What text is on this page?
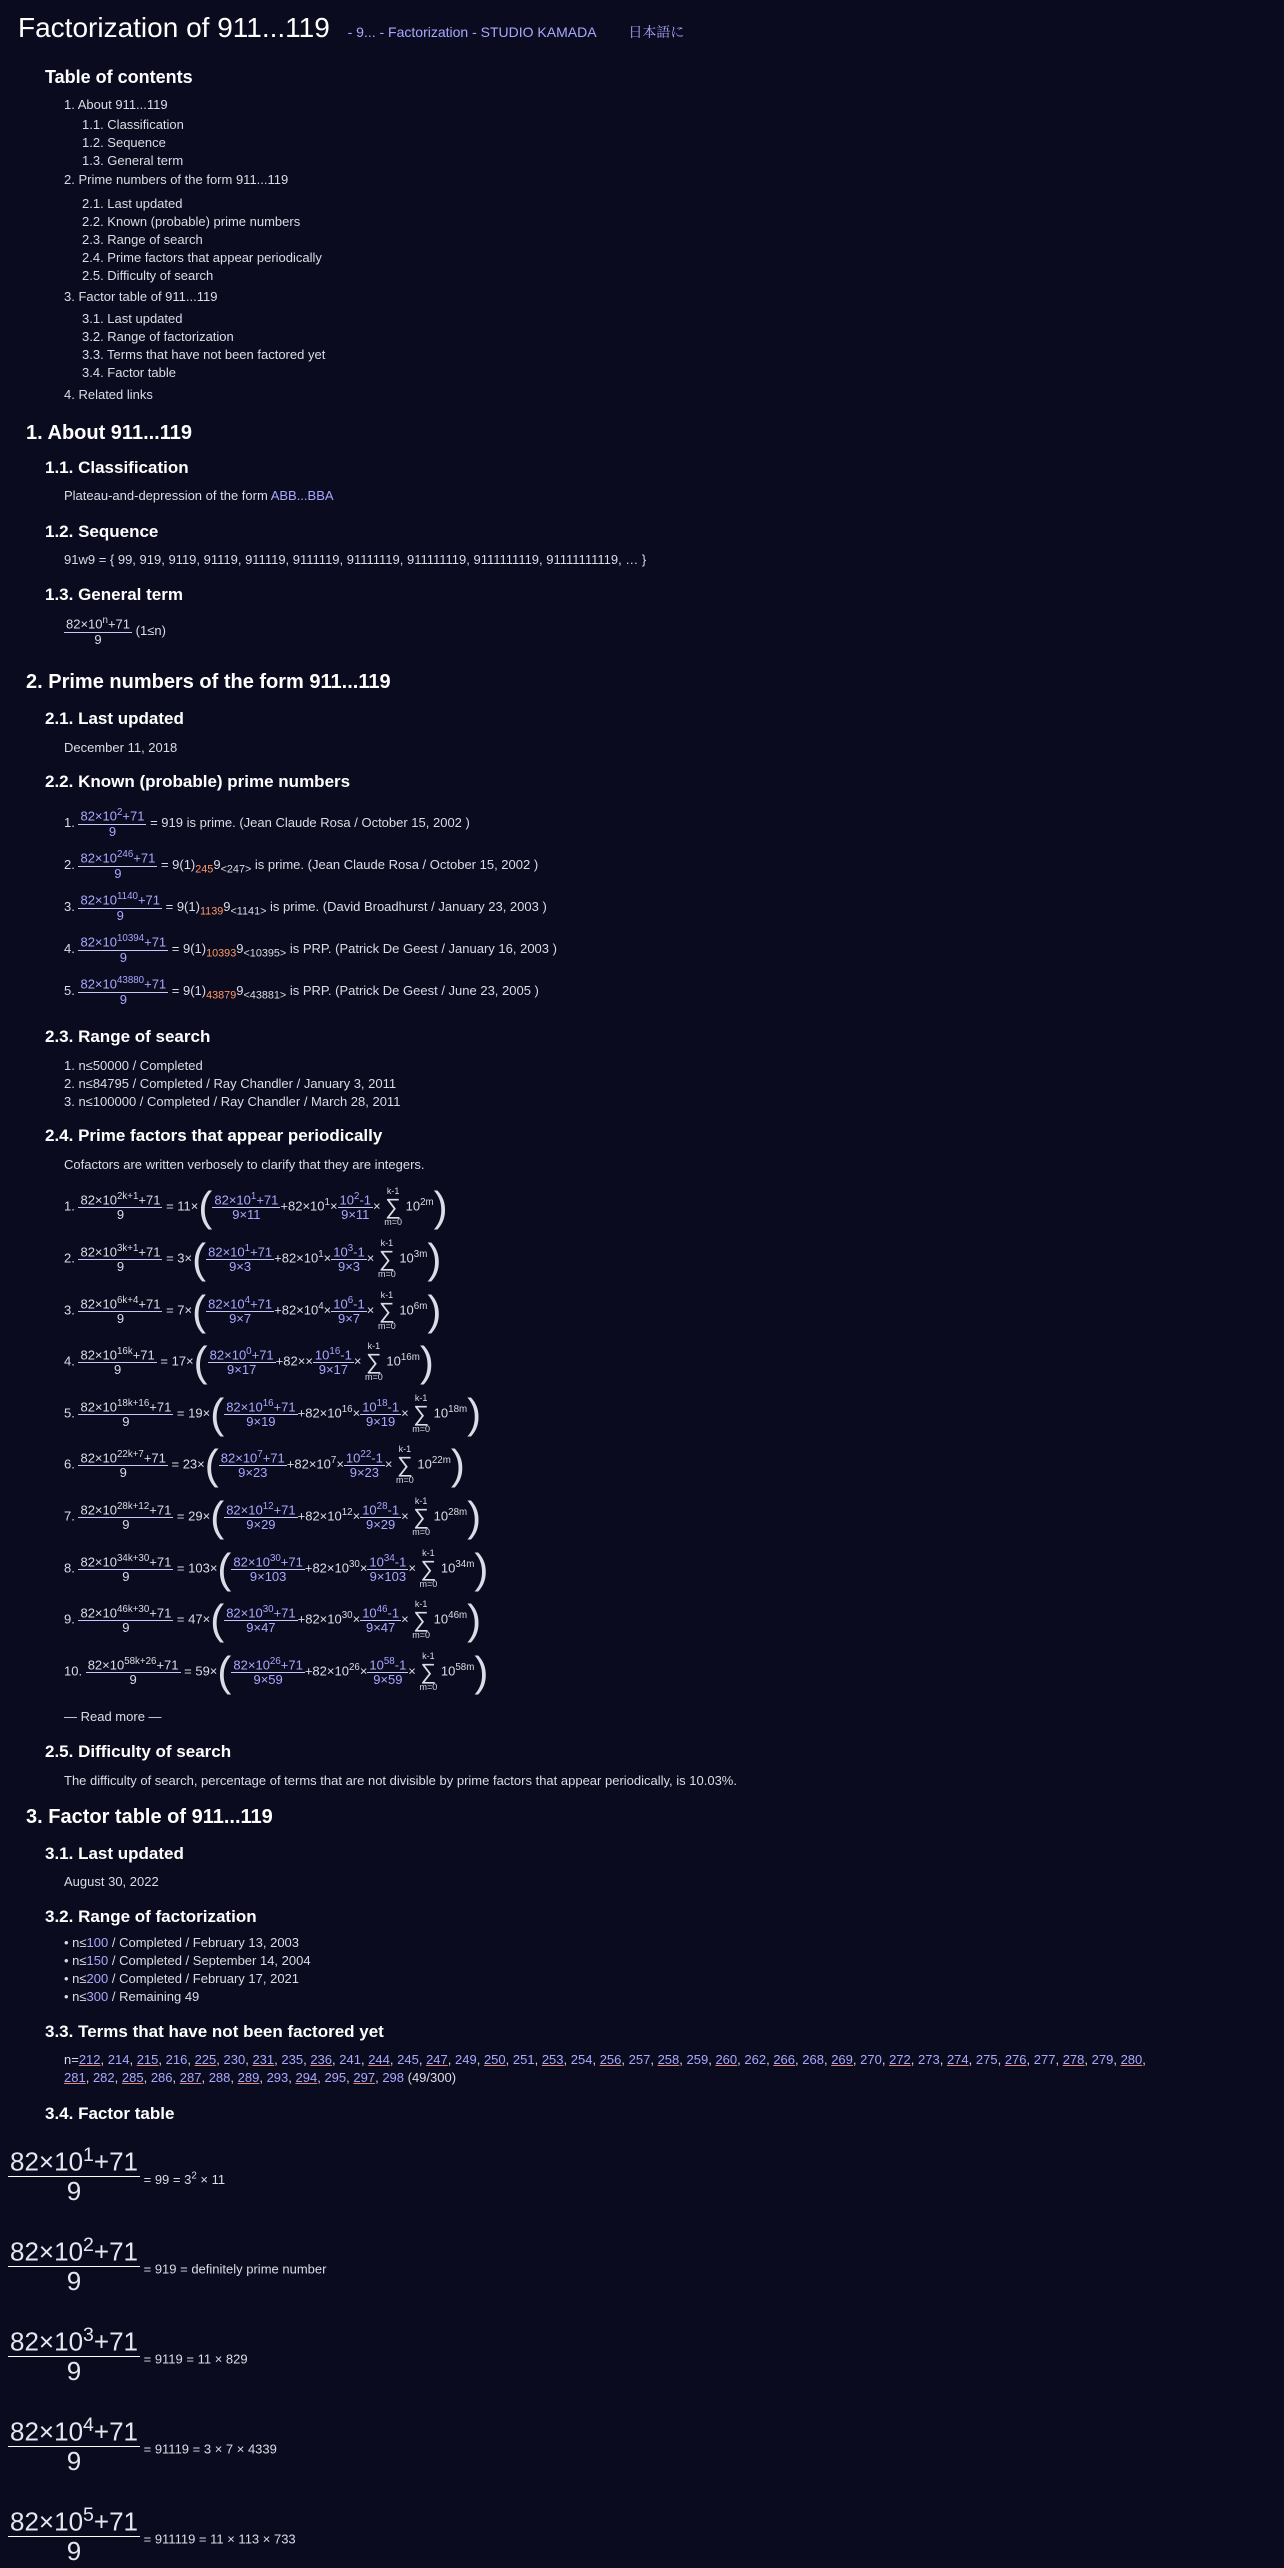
Factorization of 911...119 - 9... - Factorization - STUDIO KAMADA 日本語に
Table of contents
1. About 911...119
1.1. Classification
1.2. Sequence
1.3. General term
2. Prime numbers of the form 911...119
2.1. Last updated
2.2. Known (probable) prime numbers
2.3. Range of search
2.4. Prime factors that appear periodically
2.5. Difficulty of search
3. Factor table of 911...119
3.1. Last updated
3.2. Range of factorization
3.3. Terms that have not been factored yet
3.4. Factor table
4. Related links
1. About 911...119
1.1. Classification
Plateau-and-depression of the form ABB...BBA
1.2. Sequence
91w9 = { 99, 919, 9119, 91119, 911119, 9111119, 91111119, 911111119, 9111111119, 91111111119, … }
1.3. General term
$\frac{82\times 10^n+71}{9} (1\le n)$
2. Prime numbers of the form 911...119
2.1. Last updated
December 11, 2018
2.2. Known (probable) prime numbers
1. $\frac{82\times 10^2+71}{9} = 919$ is prime. (Jean Claude Rosa / October 15, 2002 )
2. $\frac{82\times 10^{246}+71}{9} = 9(1)_{245}9_{<247>}$ is prime. (Jean Claude Rosa / October 15, 2002 )
3. $\frac{82\times 10^{1140}+71}{9} = 9(1)_{1139}9_{<1141>}$ is prime. (David Broadhurst / January 23, 2003 )
4. $\frac{82\times 10^{10394}+71}{9} = 9(1)_{10393}9_{<10395>}$ is PRP. (Patrick De Geest / January 16, 2003 )
5. $\frac{82\times 10^{43880}+71}{9} = 9(1)_{43879}9_{<43881>}$ is PRP. (Patrick De Geest / June 23, 2005 )
2.3. Range of search
1. n≤50000 / Completed
2. n≤84795 / Completed / Ray Chandler / January 3, 2011
3. n≤100000 / Completed / Ray Chandler / March 28, 2011
2.4. Prime factors that appear periodically
Cofactors are written verbosely to clarify that they are integers.
1. $\frac{82\times 10^{2k+1}+71}{9} = 11\times( \frac{82\times 10^1+71}{9\times 11} +82\times 10^1\times \frac{10^2-1}{9\times 11} \times k-1$
∑
m=0 $10^{2m}$)
2. $\frac{82\times 10^{3k+1}+71}{9} = 3\times( \frac{82\times 10^1+71}{9\times 3} +82\times 10^1\times \frac{10^3-1}{9\times 3} \times k-1$
∑
m=0 $10^{3m}$)
3. $\frac{82\times 10^{6k+4}+71}{9} = 7\times( \frac{82\times 10^4+71}{9\times 7} +82\times 10^4\times \frac{10^6-1}{9\times 7} \times k-1$
∑
m=0 $10^{6m}$)
4. $\frac{82\times 10^{16k}+71}{9} = 17\times( \frac{82\times 10^0+71}{9\times 17} +82\times\times \frac{10^{16}-1}{9\times 17} \times k-1$
∑
m=0 $10^{16m}$)
5. $\frac{82\times 10^{18k+16}+71}{9} = 19\times( \frac{82\times 10^{16}+71}{9\times 19} +82\times 10^{16}\times \frac{10^{18}-1}{9\times 19} \times k-1$
∑
m=0 $10^{18m}$)
6. $\frac{82\times 10^{22k+7}+71}{9} = 23\times( \frac{82\times 10^7+71}{9\times 23} +82\times 10^7\times \frac{10^{22}-1}{9\times 23} \times k-1$
∑
m=0 $10^{22m}$)
7. $\frac{82\times 10^{28k+12}+71}{9} = 29\times( \frac{82\times 10^{12}+71}{9\times 29} +82\times 10^{12}\times \frac{10^{28}-1}{9\times 29} \times k-1$
∑
m=0 $10^{28m}$)
8. $\frac{82\times 10^{34k+30}+71}{9} = 103\times( \frac{82\times 10^{30}+71}{9\times 103} +82\times 10^{30}\times \frac{10^{34}-1}{9\times 103} \times k-1$
∑
m=0 $10^{34m}$)
9. $\frac{82\times 10^{46k+30}+71}{9} = 47\times( \frac{82\times 10^{30}+71}{9\times 47} +82\times 10^{30}\times \frac{10^{46}-1}{9\times 47} \times k-1$
∑
m=0 $10^{46m}$)
10. $\frac{82\times 10^{58k+26}+71}{9} = 59\times( \frac{82\times 10^{26}+71}{9\times 59} +82\times 10^{26}\times \frac{10^{58}-1}{9\times 59} \times k-1$
∑
m=0 $10^{58m}$)
— Read more —
2.5. Difficulty of search
The difficulty of search, percentage of terms that are not divisible by prime factors that appear periodically, is 10.03%.
3. Factor table of 911...119
3.1. Last updated
August 30, 2022
3.2. Range of factorization
• n≤100 / Completed / February 13, 2003
• n≤150 / Completed / September 14, 2004
• n≤200 / Completed / February 17, 2021
• n≤300 / Remaining 49
3.3. Terms that have not been factored yet
n=212, 214, 215, 216, 225, 230, 231, 235, 236, 241, 244, 245, 247, 249, 250, 251, 253, 254, 256, 257, 258, 259, 260, 262, 266, 268, 269, 270, 272, 273, 274, 275, 276, 277, 278, 279, 280,
281, 282, 285, 286, 287, 288, 289, 293, 294, 295, 297, 298 (49/300)
3.4. Factor table
$\frac{82\times 10^1+71}{9} = 99 = 3^2 \times 11$
$\frac{82\times 10^2+71}{9} = 919$ = definitely prime number
$\frac{82\times 10^3+71}{9} = 9119 = 11 \times 829$
$\frac{82\times 10^4+71}{9} = 91119 = 3 \times 7 \times 4339$
$\frac{82\times 10^5+71}{9} = 911119 = 11 \times 113 \times 733$
